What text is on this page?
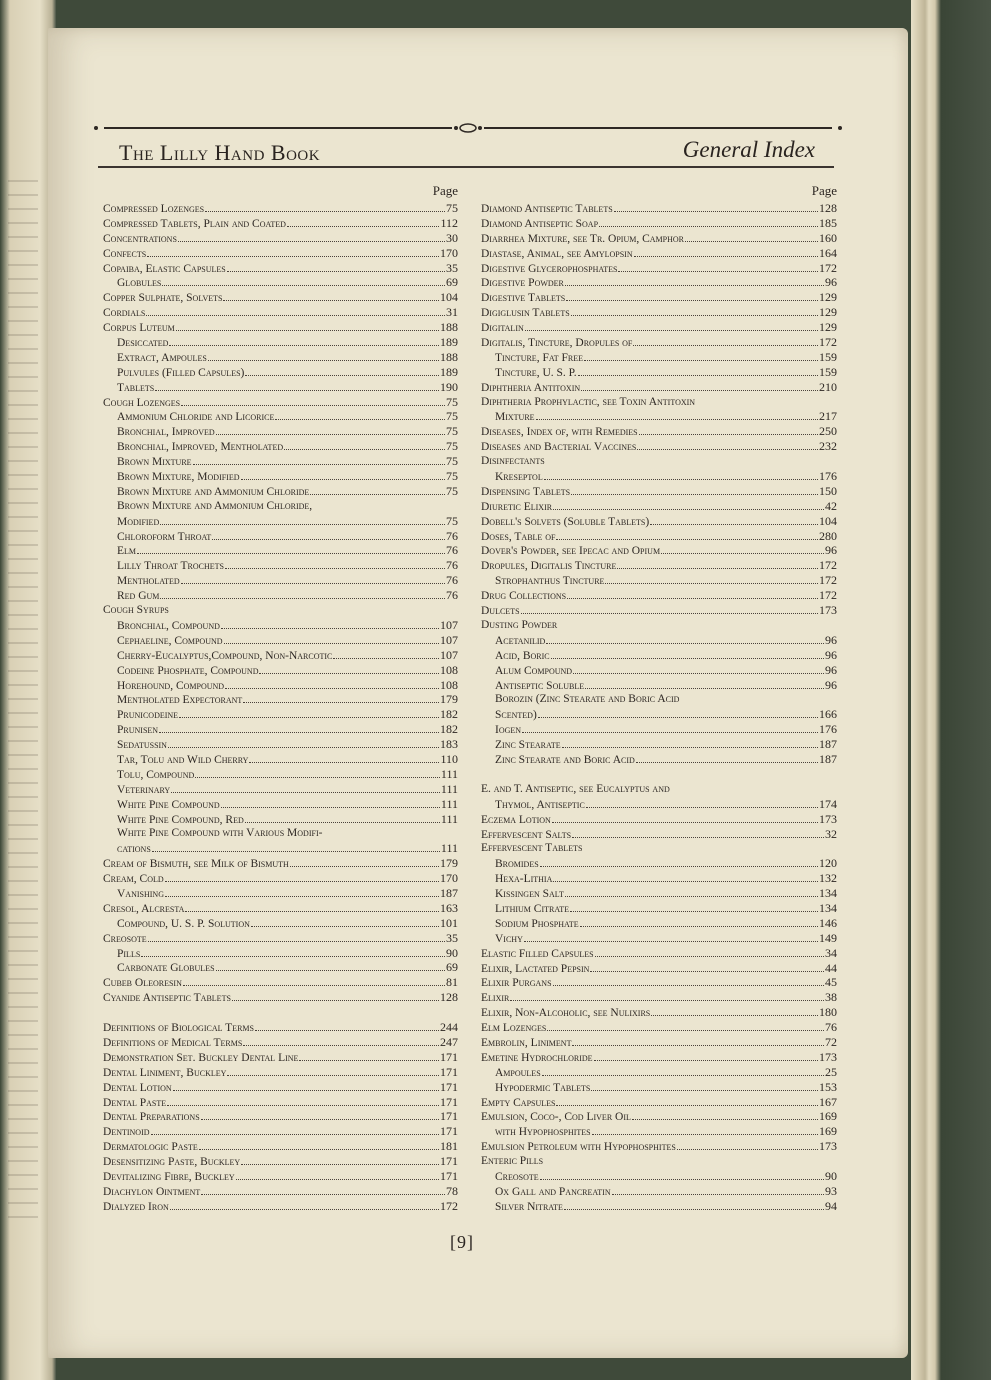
The Lilly Hand Book	General Index
Page
Compressed Lozenges	75
Compressed Tablets, Plain and Coated	112
Concentrations	30
Confects	170
Copaiba, Elastic Capsules	35
Globules	69
Copper Sulphate, Solvets	104
Cordials	31
Corpus Luteum	188
Desiccated	189
Extract, Ampoules	188
Pulvules (Filled Capsules)	189
Tablets	190
Cough Lozenges	75
Ammonium Chloride and Licorice	75
Bronchial, Improved	75
Bronchial, Improved, Mentholated	75
Brown Mixture	75
Brown Mixture, Modified	75
Brown Mixture and Ammonium Chloride	75
Brown Mixture and Ammonium Chloride,
Modified	75
Chloroform Throat	76
Elm	76
Lilly Throat Trochets	76
Mentholated	76
Red Gum	76
Cough Syrups
Bronchial, Compound	107
Cephaeline, Compound	107
Cherry-Eucalyptus,Compound, Non-Narcotic	107
Codeine Phosphate, Compound	108
Horehound, Compound	108
Mentholated Expectorant	179
Prunicodeine	182
Prunisen	182
Sedatussin	183
Tar, Tolu and Wild Cherry	110
Tolu, Compound	111
Veterinary	111
White Pine Compound	111
White Pine Compound, Red	111
White Pine Compound with Various Modifi-
cations	111
Cream of Bismuth, see Milk of Bismuth	179
Cream, Cold	170
Vanishing	187
Cresol, Alcresta	163
Compound, U. S. P. Solution	101
Creosote	35
Pills	90
Carbonate Globules	69
Cubeb Oleoresin	81
Cyanide Antiseptic Tablets	128
Definitions of Biological Terms	244
Definitions of Medical Terms	247
Demonstration Set. Buckley Dental Line	171
Dental Liniment, Buckley	171
Dental Lotion	171
Dental Paste	171
Dental Preparations	171
Dentinoid	171
Dermatologic Paste	181
Desensitizing Paste, Buckley	171
Devitalizing Fibre, Buckley	171
Diachylon Ointment	78
Dialyzed Iron	172
Page
Diamond Antiseptic Tablets	128
Diamond Antiseptic Soap	185
Diarrhea Mixture, see Tr. Opium, Camphor	160
Diastase, Animal, see Amylopsin	164
Digestive Glycerophosphates	172
Digestive Powder	96
Digestive Tablets	129
Digiglusin Tablets	129
Digitalin	129
Digitalis, Tincture, Dropules of	172
Tincture, Fat Free	159
Tincture, U. S. P.	159
Diphtheria Antitoxin	210
Diphtheria Prophylactic, see Toxin Antitoxin
Mixture	217
Diseases, Index of, with Remedies	250
Diseases and Bacterial Vaccines	232
Disinfectants
Kreseptol	176
Dispensing Tablets	150
Diuretic Elixir	42
Dobell's Solvets (Soluble Tablets)	104
Doses, Table of	280
Dover's Powder, see Ipecac and Opium	96
Dropules, Digitalis Tincture	172
Strophanthus Tincture	172
Drug Collections	172
Dulcets	173
Dusting Powder
Acetanilid	96
Acid, Boric	96
Alum Compound	96
Antiseptic Soluble	96
Borozin (Zinc Stearate and Boric Acid
Scented)	166
Iogen	176
Zinc Stearate	187
Zinc Stearate and Boric Acid	187
E. and T. Antiseptic, see Eucalyptus and
Thymol, Antiseptic	174
Eczema Lotion	173
Effervescent Salts	32
Effervescent Tablets
Bromides	120
Hexa-Lithia	132
Kissingen Salt	134
Lithium Citrate	134
Sodium Phosphate	146
Vichy	149
Elastic Filled Capsules	34
Elixir, Lactated Pepsin	44
Elixir Purgans	45
Elixir	38
Elixir, Non-Alcoholic, see Nulixirs	180
Elm Lozenges	76
Embrolin, Liniment	72
Emetine Hydrochloride	173
Ampoules	25
Hypodermic Tablets	153
Empty Capsules	167
Emulsion, Coco-, Cod Liver Oil	169
with Hypophosphites	169
Emulsion Petroleum with Hypophosphites	173
Enteric Pills
Creosote	90
Ox Gall and Pancreatin	93
Silver Nitrate	94
[9]
